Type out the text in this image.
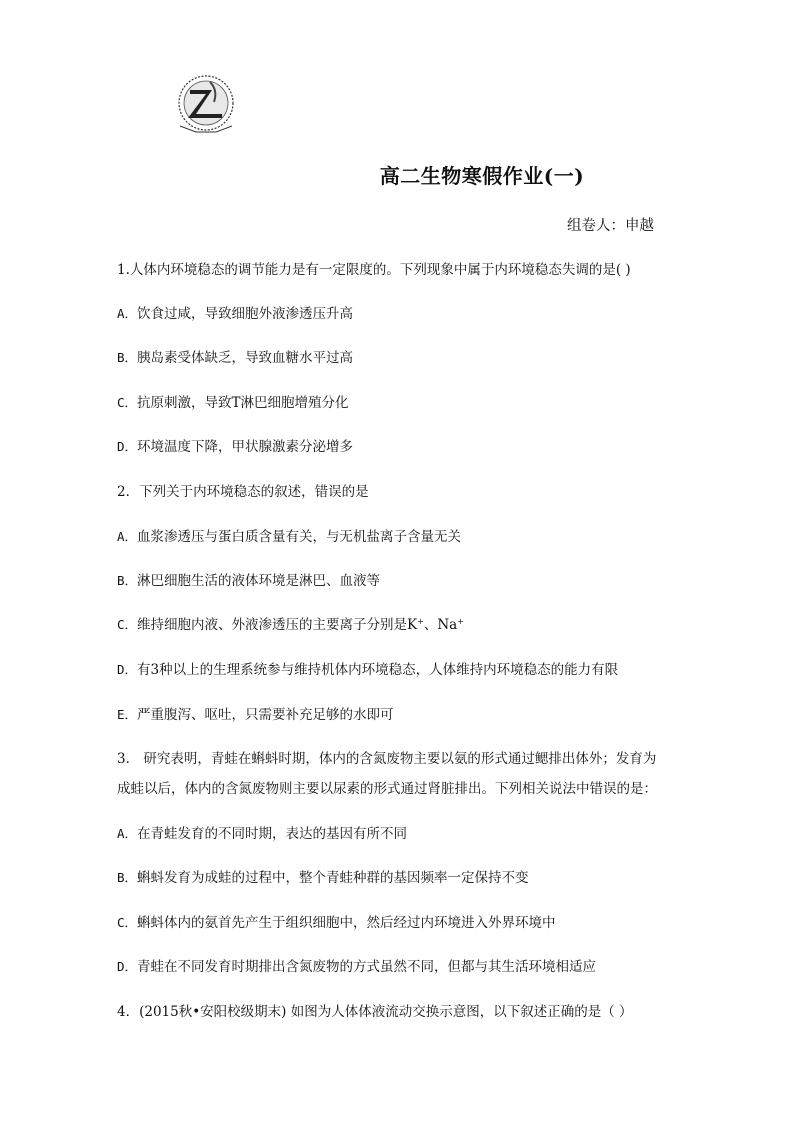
高二生物寒假作业(一)
组卷人：申越
1.人体内环境稳态的调节能力是有一定限度的。下列现象中属于内环境稳态失调的是( )
A．饮食过咸，导致细胞外液渗透压升高
B．胰岛素受体缺乏，导致血糖水平过高
C．抗原刺激，导致T淋巴细胞增殖分化
D．环境温度下降，甲状腺激素分泌增多
2．下列关于内环境稳态的叙述，错误的是
A．血浆渗透压与蛋白质含量有关，与无机盐离子含量无关
B．淋巴细胞生活的液体环境是淋巴、血液等
C．维持细胞内液、外液渗透压的主要离子分别是K+、Na+
D．有3种以上的生理系统参与维持机体内环境稳态，人体维持内环境稳态的能力有限
E．严重腹泻、呕吐，只需要补充足够的水即可
3． 研究表明，青蛙在蝌蚪时期，体内的含氮废物主要以氨的形式通过鳃排出体外；发育为
成蛙以后，体内的含氮废物则主要以尿素的形式通过肾脏排出。下列相关说法中错误的是：
A．在青蛙发育的不同时期，表达的基因有所不同
B．蝌蚪发育为成蛙的过程中，整个青蛙种群的基因频率一定保持不变
C．蝌蚪体内的氨首先产生于组织细胞中，然后经过内环境进入外界环境中
D．青蛙在不同发育时期排出含氮废物的方式虽然不同，但都与其生活环境相适应
4．(2015秋•安阳校级期末) 如图为人体体液流动交换示意图，以下叙述正确的是（ ）
